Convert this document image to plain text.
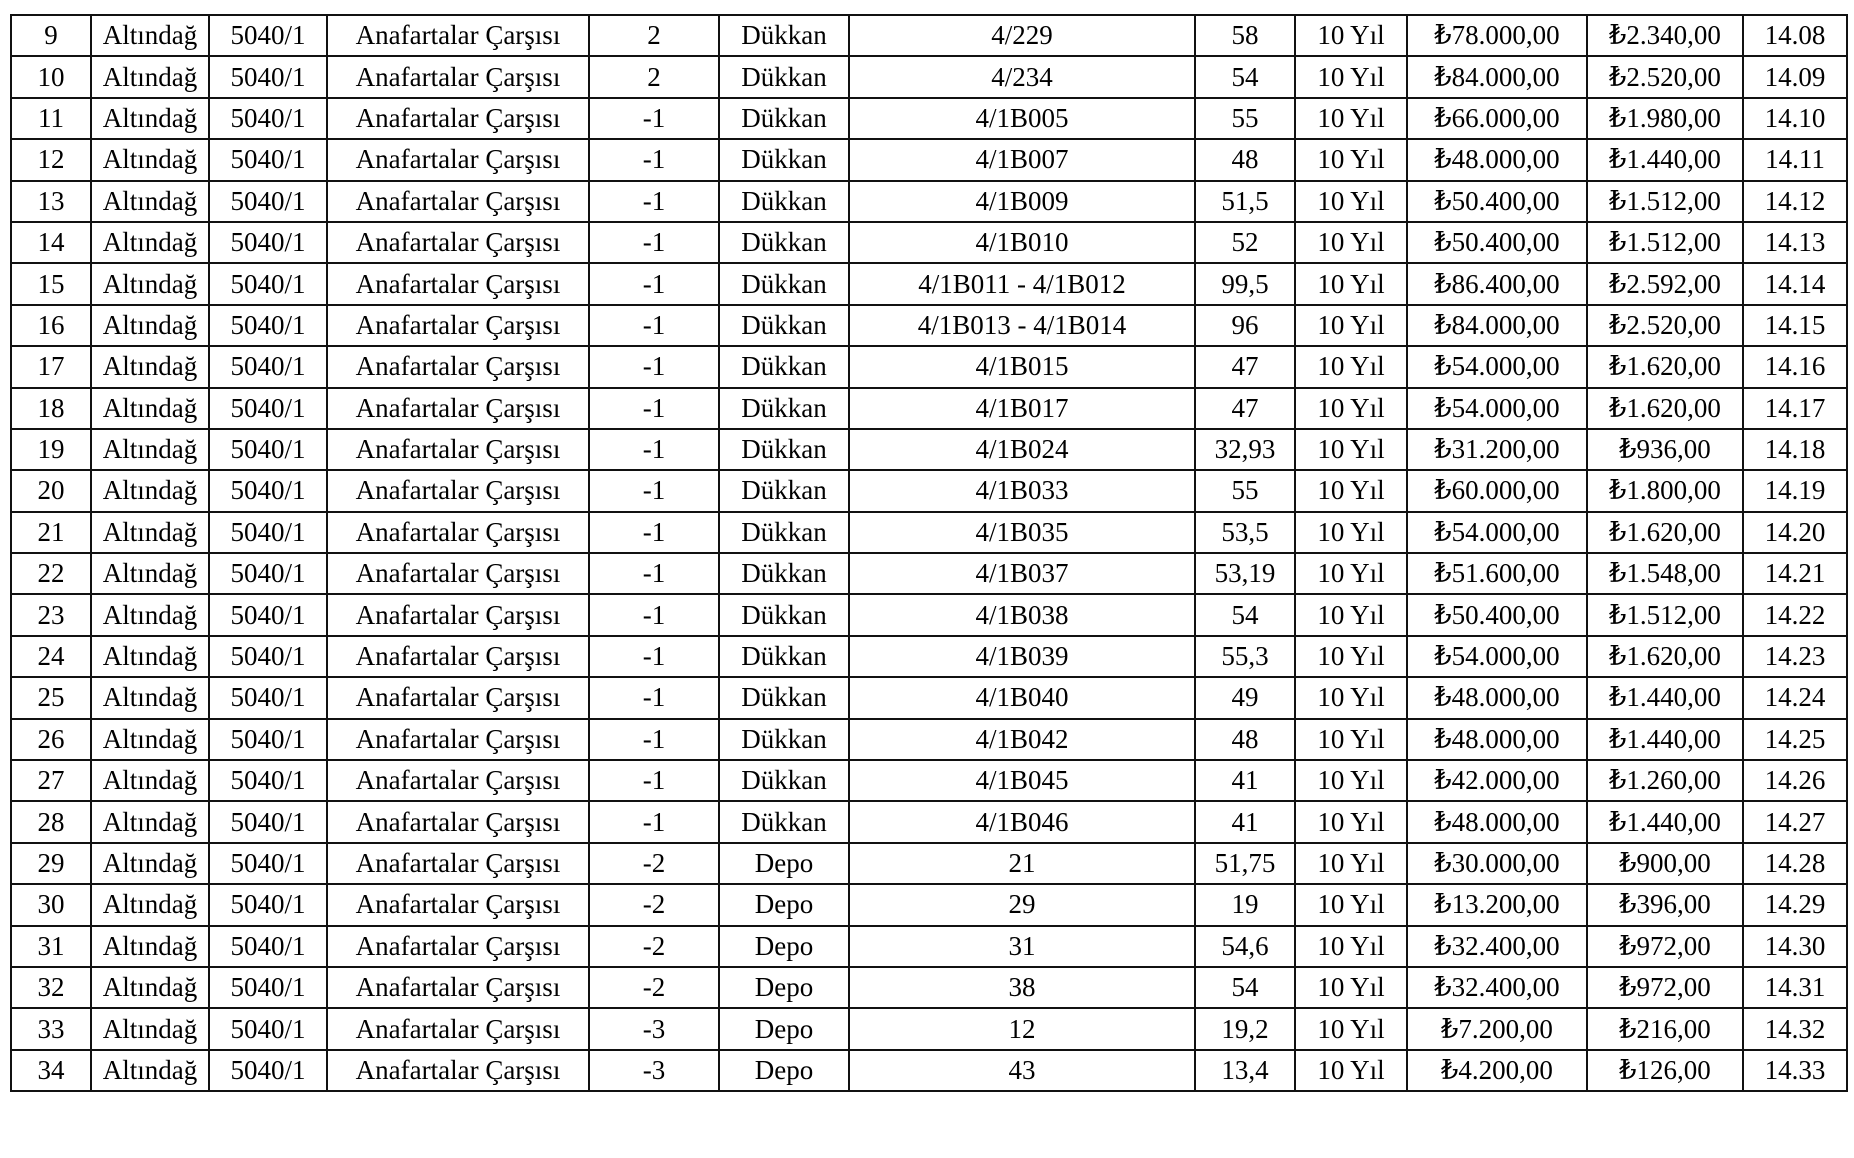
9	Altındağ	5040/1	Anafartalar Çarşısı	2	Dükkan	4/229	58	10 Yıl	₺78.000,00	₺2.340,00	14.08
10	Altındağ	5040/1	Anafartalar Çarşısı	2	Dükkan	4/234	54	10 Yıl	₺84.000,00	₺2.520,00	14.09
11	Altındağ	5040/1	Anafartalar Çarşısı	-1	Dükkan	4/1B005	55	10 Yıl	₺66.000,00	₺1.980,00	14.10
12	Altındağ	5040/1	Anafartalar Çarşısı	-1	Dükkan	4/1B007	48	10 Yıl	₺48.000,00	₺1.440,00	14.11
13	Altındağ	5040/1	Anafartalar Çarşısı	-1	Dükkan	4/1B009	51,5	10 Yıl	₺50.400,00	₺1.512,00	14.12
14	Altındağ	5040/1	Anafartalar Çarşısı	-1	Dükkan	4/1B010	52	10 Yıl	₺50.400,00	₺1.512,00	14.13
15	Altındağ	5040/1	Anafartalar Çarşısı	-1	Dükkan	4/1B011 - 4/1B012	99,5	10 Yıl	₺86.400,00	₺2.592,00	14.14
16	Altındağ	5040/1	Anafartalar Çarşısı	-1	Dükkan	4/1B013 - 4/1B014	96	10 Yıl	₺84.000,00	₺2.520,00	14.15
17	Altındağ	5040/1	Anafartalar Çarşısı	-1	Dükkan	4/1B015	47	10 Yıl	₺54.000,00	₺1.620,00	14.16
18	Altındağ	5040/1	Anafartalar Çarşısı	-1	Dükkan	4/1B017	47	10 Yıl	₺54.000,00	₺1.620,00	14.17
19	Altındağ	5040/1	Anafartalar Çarşısı	-1	Dükkan	4/1B024	32,93	10 Yıl	₺31.200,00	₺936,00	14.18
20	Altındağ	5040/1	Anafartalar Çarşısı	-1	Dükkan	4/1B033	55	10 Yıl	₺60.000,00	₺1.800,00	14.19
21	Altındağ	5040/1	Anafartalar Çarşısı	-1	Dükkan	4/1B035	53,5	10 Yıl	₺54.000,00	₺1.620,00	14.20
22	Altındağ	5040/1	Anafartalar Çarşısı	-1	Dükkan	4/1B037	53,19	10 Yıl	₺51.600,00	₺1.548,00	14.21
23	Altındağ	5040/1	Anafartalar Çarşısı	-1	Dükkan	4/1B038	54	10 Yıl	₺50.400,00	₺1.512,00	14.22
24	Altındağ	5040/1	Anafartalar Çarşısı	-1	Dükkan	4/1B039	55,3	10 Yıl	₺54.000,00	₺1.620,00	14.23
25	Altındağ	5040/1	Anafartalar Çarşısı	-1	Dükkan	4/1B040	49	10 Yıl	₺48.000,00	₺1.440,00	14.24
26	Altındağ	5040/1	Anafartalar Çarşısı	-1	Dükkan	4/1B042	48	10 Yıl	₺48.000,00	₺1.440,00	14.25
27	Altındağ	5040/1	Anafartalar Çarşısı	-1	Dükkan	4/1B045	41	10 Yıl	₺42.000,00	₺1.260,00	14.26
28	Altındağ	5040/1	Anafartalar Çarşısı	-1	Dükkan	4/1B046	41	10 Yıl	₺48.000,00	₺1.440,00	14.27
29	Altındağ	5040/1	Anafartalar Çarşısı	-2	Depo	21	51,75	10 Yıl	₺30.000,00	₺900,00	14.28
30	Altındağ	5040/1	Anafartalar Çarşısı	-2	Depo	29	19	10 Yıl	₺13.200,00	₺396,00	14.29
31	Altındağ	5040/1	Anafartalar Çarşısı	-2	Depo	31	54,6	10 Yıl	₺32.400,00	₺972,00	14.30
32	Altındağ	5040/1	Anafartalar Çarşısı	-2	Depo	38	54	10 Yıl	₺32.400,00	₺972,00	14.31
33	Altındağ	5040/1	Anafartalar Çarşısı	-3	Depo	12	19,2	10 Yıl	₺7.200,00	₺216,00	14.32
34	Altındağ	5040/1	Anafartalar Çarşısı	-3	Depo	43	13,4	10 Yıl	₺4.200,00	₺126,00	14.33
